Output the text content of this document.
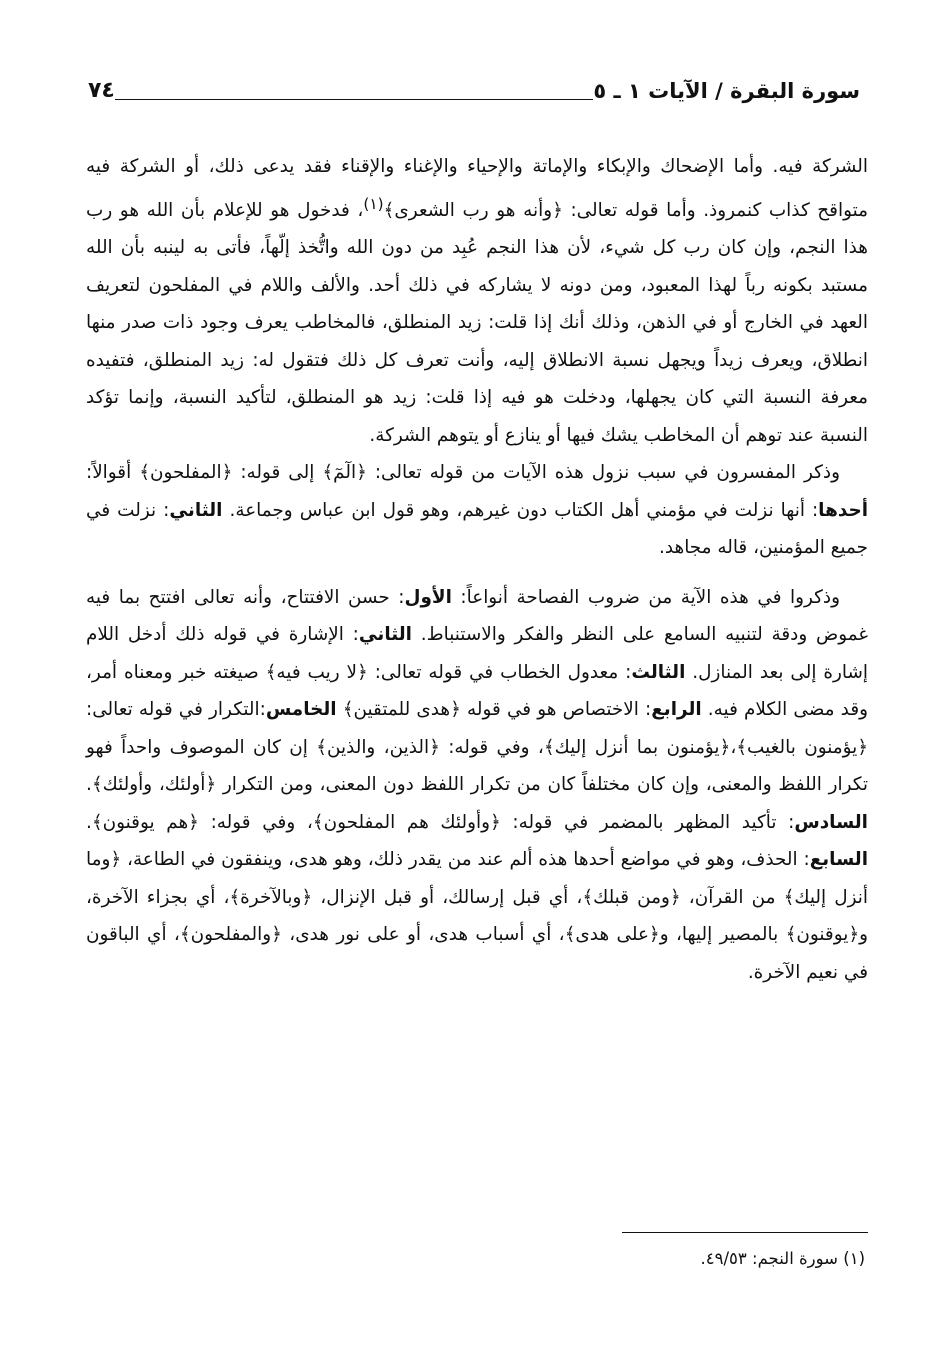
سورة البقرة / الآيات ١ ـ ٥
٧٤

الشركة فيه. وأما الإضحاك والإبكاء والإماتة والإحياء والإغناء والإقناء فقد يدعى ذلك، أو الشركة فيه متواقح كذاب كنمروذ. وأما قوله تعالى: ﴿وأنه هو رب الشعرى﴾$^{(١)}$، فدخول هو للإعلام بأن الله هو رب هذا النجم، وإن كان رب كل شيء، لأن هذا النجم عُبِد من دون الله واتُّخذ إلّهاً، فأتى به لينبه بأن الله مستبد بكونه رباً لهذا المعبود، ومن دونه لا يشاركه في ذلك أحد. والألف واللام في المفلحون لتعريف العهد في الخارج أو في الذهن، وذلك أنك إذا قلت: زيد المنطلق، فالمخاطب يعرف وجود ذات صدر منها انطلاق، ويعرف زيداً ويجهل نسبة الانطلاق إليه، وأنت تعرف كل ذلك فتقول له: زيد المنطلق، فتفيده معرفة النسبة التي كان يجهلها، ودخلت هو فيه إذا قلت: زيد هو المنطلق، لتأكيد النسبة، وإنما تؤكد النسبة عند توهم أن المخاطب يشك فيها أو ينازع أو يتوهم الشركة.

وذكر المفسرون في سبب نزول هذه الآيات من قوله تعالى: ﴿الٓمٓ﴾ إلى قوله: ﴿المفلحون﴾ أقوالاً: أحدها: أنها نزلت في مؤمني أهل الكتاب دون غيرهم، وهو قول ابن عباس وجماعة. الثاني: نزلت في جميع المؤمنين، قاله مجاهد.

وذكروا في هذه الآية من ضروب الفصاحة أنواعاً: الأول: حسن الافتتاح، وأنه تعالى افتتح بما فيه غموض ودقة لتنبيه السامع على النظر والفكر والاستنباط. الثاني: الإشارة في قوله ذلك أدخل اللام إشارة إلى بعد المنازل. الثالث: معدول الخطاب في قوله تعالى: ﴿لا ريب فيه﴾ صيغته خبر ومعناه أمر، وقد مضى الكلام فيه. الرابع: الاختصاص هو في قوله ﴿هدى للمتقين﴾ الخامس:التكرار في قوله تعالى:﴿يؤمنون بالغيب﴾،﴿يؤمنون بما أنزل إليك﴾، وفي قوله: ﴿الذين، والذين﴾ إن كان الموصوف واحداً فهو تكرار اللفظ والمعنى، وإن كان مختلفاً كان من تكرار اللفظ دون المعنى، ومن التكرار ﴿أولئك، وأولئك﴾. السادس: تأكيد المظهر بالمضمر في قوله: ﴿وأولئك هم المفلحون﴾، وفي قوله: ﴿هم يوقنون﴾. السابع: الحذف، وهو في مواضع أحدها هذه ألم عند من يقدر ذلك، وهو هدى، وينفقون في الطاعة، ﴿وما أنزل إليك﴾ من القرآن، ﴿ومن قبلك﴾، أي قبل إرسالك، أو قبل الإنزال، ﴿وبالآخرة﴾، أي بجزاء الآخرة، و﴿يوقنون﴾ بالمصير إليها، و﴿على هدى﴾، أي أسباب هدى، أو على نور هدى، ﴿والمفلحون﴾، أي الباقون في نعيم الآخرة.

(١) سورة النجم: ٤٩/٥٣.
